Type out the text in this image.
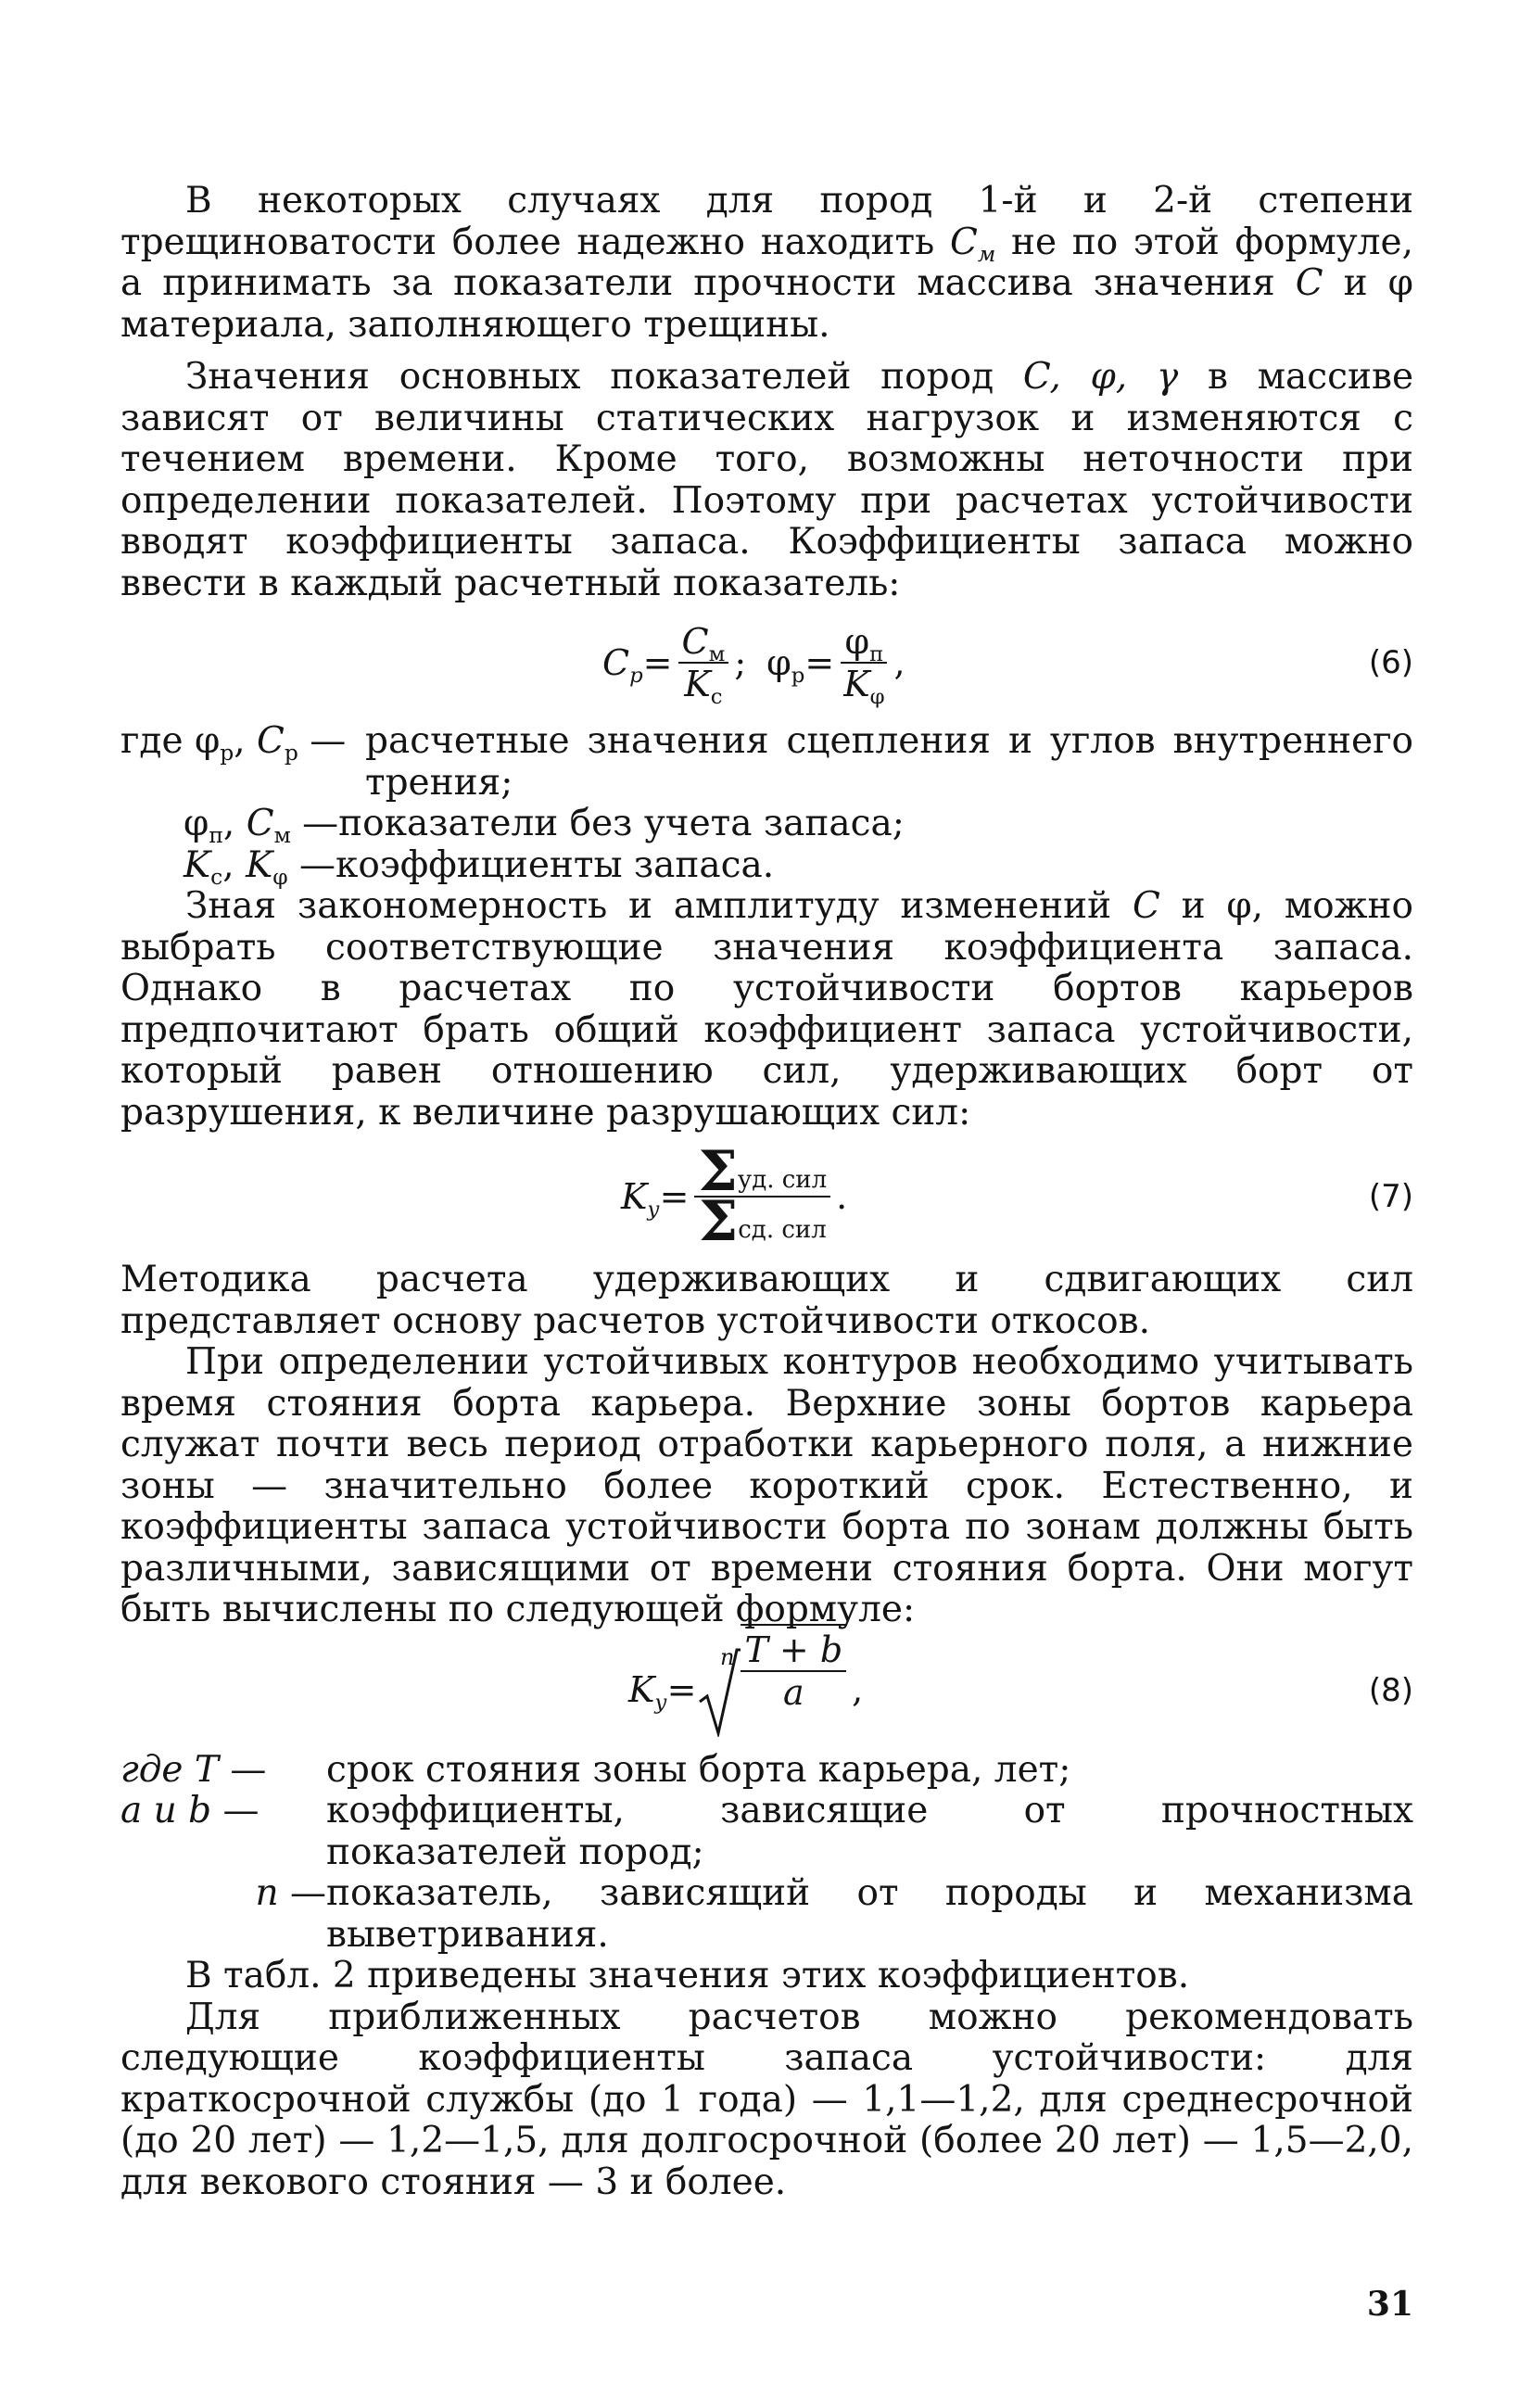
В некоторых случаях для пород 1-й и 2-й степени трещиноватости более надежно находить $C_м$ не по этой формуле, а принимать за показатели прочности массива значения C и φ материала, заполняющего трещины.

Значения основных показателей пород C, φ, γ в массиве зависят от величины статических нагрузок и изменяются с течением времени. Кроме того, возможны неточности при определении показателей. Поэтому при расчетах устойчивости вводят коэффициенты запаса. Коэффициенты запаса можно ввести в каждый расчетный показатель:

$C_р = \frac{C_м}{K_с}$ ; $\varphi_р = \frac{\varphi_п}{K_\varphi}$ ,	(6)
где $\varphi_р$, $C_р$ — расчетные значения сцепления и углов внутреннего трения;
$\varphi_п$, $C_м$ — показатели без учета запаса;
$K_с$, $K_\varphi$ — коэффициенты запаса.

Зная закономерность и амплитуду изменений C и φ, можно выбрать соответствующие значения коэффициента запаса. Однако в расчетах по устойчивости бортов карьеров предпочитают брать общий коэффициент запаса устойчивости, который равен отношению сил, удерживающих борт от разрушения, к величине разрушающих сил:

$K_у = \frac{\text{Σ уд. сил}}{\text{Σ сд. сил}}$ .	(7)

Методика расчета удерживающих и сдвигающих сил представляет основу расчетов устойчивости откосов.

При определении устойчивых контуров необходимо учитывать время стояния борта карьера. Верхние зоны бортов карьера служат почти весь период отработки карьерного поля, а нижние зоны — значительно более короткий срок. Естественно, и коэффициенты запаса устойчивости борта по зонам должны быть различными, зависящими от времени стояния борта. Они могут быть вычислены по следующей формуле:

$K_у$ =
n $\frac{T + b}{a}$ ,	(8)
где T —	срок стояния зоны борта карьера, лет;
a и b —	коэффициенты, зависящие от прочностных показателей пород;
n — показатель, зависящий от породы и механизма выветривания.

В табл. 2 приведены значения этих коэффициентов.

Для приближенных расчетов можно рекомендовать следующие коэффициенты запаса устойчивости: для краткосрочной службы (до 1 года) — 1,1—1,2, для среднесрочной (до 20 лет) — 1,2—1,5, для долгосрочной (более 20 лет) — 1,5—2,0, для векового стояния — 3 и более.

31
